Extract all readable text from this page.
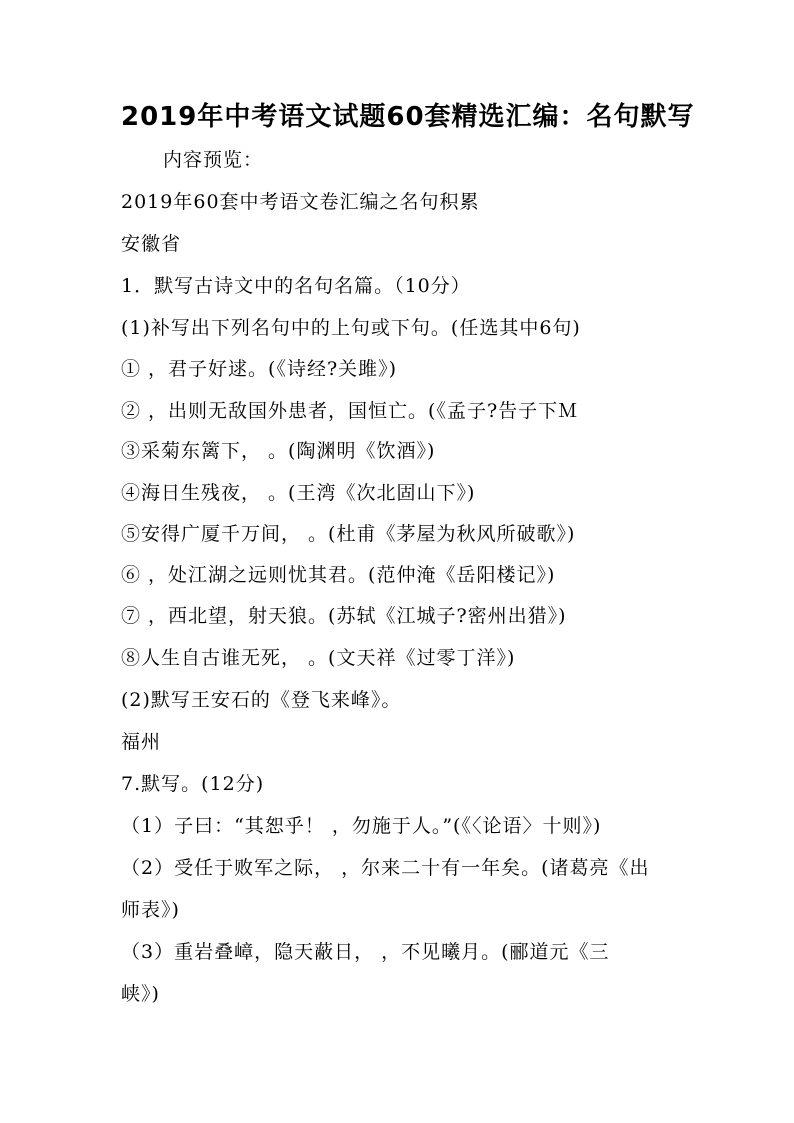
2019年中考语文试题60套精选汇编：名句默写
内容预览：
2019年60套中考语文卷汇编之名句积累
安徽省
1．默写古诗文中的名句名篇。（10分）
(1)补写出下列名句中的上句或下句。(任选其中6句)
① ，君子好逑。(《诗经?关雎》)
② ，出则无敌国外患者，国恒亡。(《孟子?告子下Ｍ
③采菊东篱下， 。(陶渊明《饮酒》)
④海日生残夜， 。(王湾《次北固山下》)
⑤安得广厦千万间， 。(杜甫《茅屋为秋风所破歌》)
⑥ ，处江湖之远则忧其君。(范仲淹《岳阳楼记》)
⑦ ，西北望，射天狼。(苏轼《江城子?密州出猎》)
⑧人生自古谁无死， 。(文天祥《过零丁洋》)
(2)默写王安石的《登飞来峰》。
福州
7.默写。(12分)
（1）子曰：“其恕乎！ ，勿施于人。”(《〈论语〉十则》)
（2）受任于败军之际， ，尔来二十有一年矣。(诸葛亮《出
师表》)
（3）重岩叠嶂，隐天蔽日， ，不见曦月。(郦道元《三
峡》)
